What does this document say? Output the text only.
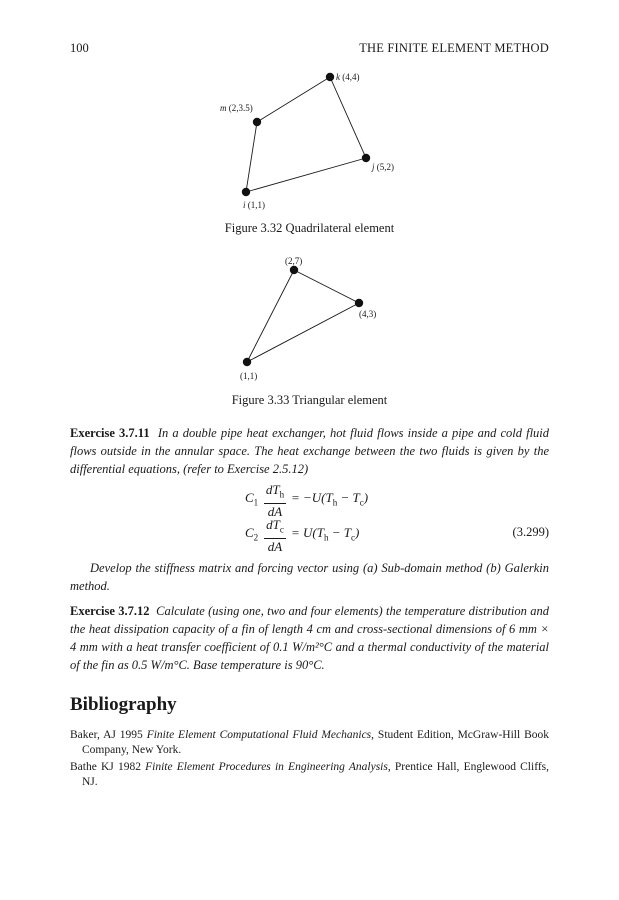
100	THE FINITE ELEMENT METHOD
k (4,4)
m (2,3.5)
j (5,2)
i (1,1)
Figure 3.32 Quadrilateral element
(2,7)
(4,3)
(1,1)
Figure 3.33 Triangular element
Exercise 3.7.11 In a double pipe heat exchanger, hot fluid flows inside a pipe and cold fluid flows outside in the annular space. The heat exchange between the two fluids is given by the differential equations, (refer to Exercise 2.5.12)
$C_1$
$dT_h$
dA
= $-U(T_h - T_c)$
$C_2$
$dT_c$
dA
= $U(T_h - T_c)$	(3.299)
Develop the stiffness matrix and forcing vector using (a) Sub-domain method (b) Galerkin method.
Exercise 3.7.12 Calculate (using one, two and four elements) the temperature distribution and the heat dissipation capacity of a fin of length 4 cm and cross-sectional dimensions of 6 mm × 4 mm with a heat transfer coefficient of 0.1 W/m²°C and a thermal conductivity of the material of the fin as 0.5 W/m°C. Base temperature is 90°C.
Bibliography
Baker, AJ 1995 Finite Element Computational Fluid Mechanics, Student Edition, McGraw-Hill Book Company, New York.
Bathe KJ 1982 Finite Element Procedures in Engineering Analysis, Prentice Hall, Englewood Cliffs, NJ.
